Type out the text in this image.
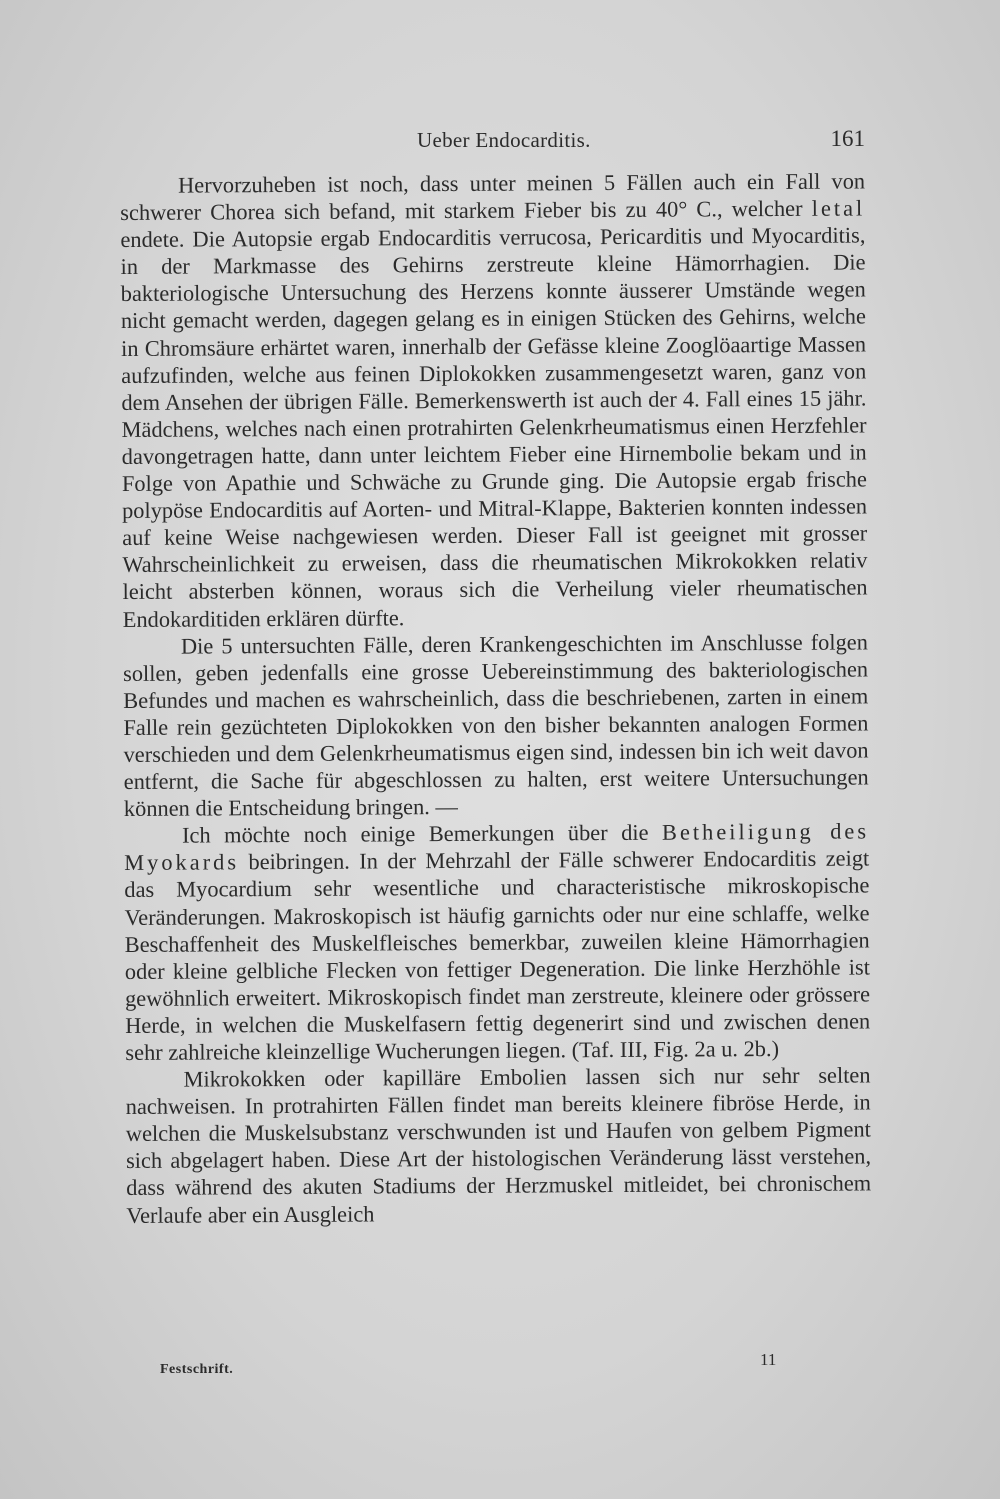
Ueber Endocarditis.	161

Hervorzuheben ist noch, dass unter meinen 5 Fällen auch ein Fall von schwerer Chorea sich befand, mit starkem Fieber bis zu 40° C., welcher letal endete. Die Autopsie ergab Endocarditis verrucosa, Pericarditis und Myocarditis, in der Markmasse des Gehirns zerstreute kleine Hämorrhagien. Die bakteriologische Untersuchung des Herzens konnte äusserer Umstände wegen nicht gemacht werden, dagegen gelang es in einigen Stücken des Gehirns, welche in Chromsäure erhärtet waren, innerhalb der Gefässe kleine Zooglöaartige Massen aufzufinden, welche aus feinen Diplokokken zusammengesetzt waren, ganz von dem Ansehen der übrigen Fälle. Bemerkenswerth ist auch der 4. Fall eines 15 jähr. Mädchens, welches nach einen protrahirten Gelenkrheumatismus einen Herzfehler davongetragen hatte, dann unter leichtem Fieber eine Hirnembolie bekam und in Folge von Apathie und Schwäche zu Grunde ging. Die Autopsie ergab frische polypöse Endocarditis auf Aorten- und Mitral-Klappe, Bakterien konnten indessen auf keine Weise nachgewiesen werden. Dieser Fall ist geeignet mit grosser Wahrscheinlichkeit zu erweisen, dass die rheumatischen Mikrokokken relativ leicht absterben können, woraus sich die Verheilung vieler rheumatischen Endokarditiden erklären dürfte.

Die 5 untersuchten Fälle, deren Krankengeschichten im Anschlusse folgen sollen, geben jedenfalls eine grosse Uebereinstimmung des bakteriologischen Befundes und machen es wahrscheinlich, dass die beschriebenen, zarten in einem Falle rein gezüchteten Diplokokken von den bisher bekannten analogen Formen verschieden und dem Gelenkrheumatismus eigen sind, indessen bin ich weit davon entfernt, die Sache für abgeschlossen zu halten, erst weitere Untersuchungen können die Entscheidung bringen. —

Ich möchte noch einige Bemerkungen über die Betheiligung des Myokards beibringen. In der Mehrzahl der Fälle schwerer Endocarditis zeigt das Myocardium sehr wesentliche und characteristische mikroskopische Veränderungen. Makroskopisch ist häufig garnichts oder nur eine schlaffe, welke Beschaffenheit des Muskelfleisches bemerkbar, zuweilen kleine Hämorrhagien oder kleine gelbliche Flecken von fettiger Degeneration. Die linke Herzhöhle ist gewöhnlich erweitert. Mikroskopisch findet man zerstreute, kleinere oder grössere Herde, in welchen die Muskelfasern fettig degenerirt sind und zwischen denen sehr zahlreiche kleinzellige Wucherungen liegen. (Taf. III, Fig. 2a u. 2b.)

Mikrokokken oder kapilläre Embolien lassen sich nur sehr selten nachweisen. In protrahirten Fällen findet man bereits kleinere fibröse Herde, in welchen die Muskelsubstanz verschwunden ist und Haufen von gelbem Pigment sich abgelagert haben. Diese Art der histologischen Veränderung lässt verstehen, dass während des akuten Stadiums der Herzmuskel mitleidet, bei chronischem Verlaufe aber ein Ausgleich

Festschrift.
11
